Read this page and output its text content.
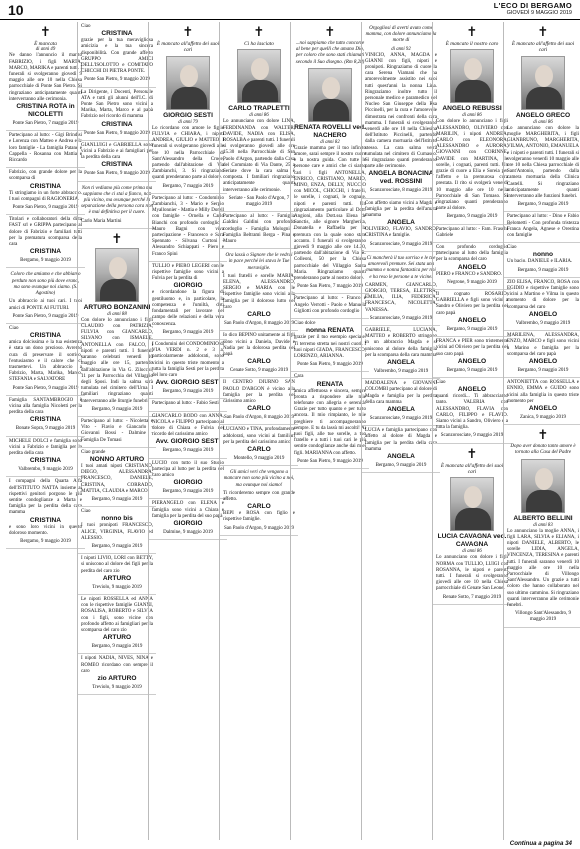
10	L'ECO DI BERGAMO
GIOVEDÌ 9 MAGGIO 2019
✝
È mancata
di anni 49
Ne danno l'annuncio il marito FABRIZIO, i figli MARTA, MARCO, MARIKA e parenti tutti. I funerali si svolgeranno giovedì 9 maggio alle ore 10 nella Chiesa parrocchiale di Ponte San Pietro. Si ringraziano anticipatamente quanti interverranno alle cerimonia.
CRISTINA ROTA in NICOLETTI
Ponte San Pietro, 7 maggio 2019
Partecipano al lutto: - Gigi Brindisi e Lorenza con Matteo e Andrea e le loro famiglie - La famiglia Patané e Cappella - Rosanna con Mattia e Riccardo
Fabrizio, con grande dolore per la scomparsa di
CRISTINA
Ti stringiamo in un forte abbraccio. I tuoi compagni di RAGIONERIA.
Ponte San Pietro, 9 maggio 2019
Titolari e collaboratori della ditta FAST srl e GRIPPA partecipano al dolore di Fabrizio e familiari tutti per la prematura scomparsa della cara
CRISTINA
Bergamo, 9 maggio 2019
Coloro che amiamo e che abbiamo perduto non sono più dove erano, ma sono ovunque noi siamo. (S. Agostino)
Un abbraccio ai tuoi cari. I tuoi amici di PONTE AI FUTURI.
Ponte San Pietro, 9 maggio 2019
Ciao
CRISTINA
amica dolcissima e la tua esistenza è stata un dono prezioso. Avremo cura di preservare il sorriso, l'entusiasmo e il calore che ci trasmettevi. Un abbraccio a Fabrizio, Marta, Marika, Marco. STEFANIA e SALVATORE
Ponte San Pietro, 9 maggio 2019
Famiglia SANTAMBROGIO è vicina alla famiglia Nicoletti per la perdita della cara
CRISTINA
Bonate Sopra, 9 maggio 2019
MICHELE DOLCI e famiglia sono vicini a Fabrizio e famiglia per la perdita della cara
CRISTINA
Valbrembo, 9 maggio 2019
I compagni della Quarta Alfa dell'ISTITUTO NATTA insieme ai rispettivi genitori porgono le più sentite condoglianze a Marta e famiglia per la perdita della cara mamma
CRISTINA
e sono loro vicini in questo doloroso momento.
Bergamo, 9 maggio 2019
Ciao
CRISTINA
grazie per la tua meravigliosa amicizia e la tua sincera disponibilità. Con grande affetto GRUPPO AMICI DELL'ISOLOTTO e COMITATO CHICCHI DI PIETRA PONTE.
Ponte San Pietro, 9 maggio 2019
La Dirigente, i Docenti, Personale ATA e tutti gli alunni dell'I.C. di Ponte San Pietro sono vicini a Marika, Marta, Marco e al papà Fabrizio nel ricordo di mamma
CRISTINA
Ponte San Pietro, 9 maggio 2019
GIANLUIGI e GABRIELLA sono vicini a Fabrizio e ai famigliari per la perdita della cara
CRISTINA
Ponte San Pietro, 9 maggio 2019
Non ti vediamo più come prima ma sappiamo che ci stai a fianco, non più vicino, ma ovunque perché la separazione della persona cara non è mai definitiva per il cuore.
Carlo Maria Martini
✝
ARTURO BONZANINI
di anni 88
Con dolore lo annunciano i figli CLAUDIO con PATRIZIA, FULVIA con GIANCARLO, SILVANO con ISMAELE, ANTONELLA con FALCO, i nipoti e parenti tutti. I funerali saranno celebrati venerdì 10 maggio alle ore 15, partendo dall'abitazione in Via G. Zilocchi, 11 per la Parrocchia del Villaggio degli Sposi. Indi la salma sarà tumulata nel cimitero dell'Urna. I familiari ringraziano quanti interverranno alle liturgie funebri.
Bergamo, 9 maggio 2019
Partecipano al lutto: - Nicoletta e Vito - Flavio e Giancarlo - Giovanni Bossi - Dalmine - Famiglia De Tomasi
Ciao grande
NONNO ARTURO
I tuoi amati nipoti CRISTIANO, DIEGO, ALESSANDRA, FRANCESCO, DANIELE, CRISTINA, CORRADO, MATTIA, CLAUDIA e MARCO.
Bergamo, 9 maggio 2019
Ciao
nonno bis
I tuoi pronipoti FRANCESCO, ALICE, VIRGINIA, FLAVIO ed ALESSIO.
Bergamo, 9 maggio 2019
I nipoti LIVIO, LORI con BETTY, si uniscono al dolore dei figli per la perdita del caro zio
ARTURO
Treviolo, 9 maggio 2019
Le nipoti ROSSELLA ed ANNA con le rispettive famiglie GIANNI, ROSALISA, ROBERTO e SILVIA con i figli, sono vicine con profondo affetto ai famigliari per la scomparsa del caro zio
ARTURO
Bergamo, 9 maggio 2019
I nipoti NADIA, NIVES, NINA e ROMEO ricordano con sempre il caro
zio ARTURO
Treviolo, 9 maggio 2019
✝
È mancato all'affetto dei suoi cari
GIORGIO SESTI
di anni 79
Lo ricordano con amore le figlie FULVIA e CHIARA, i nipoti ANDREA, GIULIO e MATTEO. I funerali si svolgeranno giovedì alle ore 10 nella Parrocchiale di Sant'Alessandro della Croce, partendo dall'abitazione di Via Zambianchi, 3. Si ringraziano quanti prenderanno parte al dolore.
Bergamo, 7 maggio 2019
Partecipano al lutto: - Condominio Zambianchi, 3 - Mario e Sergio Myallonnier - Mattia e Milly Dorell con famiglie - Ornella e Carlo Bianchi con profondo cordoglio - Mauro Bagni con viva partecipazione - Francesco e Sara Spennato - Silvana Curtoni - Alessandro Schiappati - Piero e Franco Spini
TULLIO e PIERO LEGERI con le rispettive famiglie sono vicini a Fulvia per la perdita di
GIORGIO
e ricordandone la figura di gentiluomo e, in particolare, la competenza e l'umiltà, doti fondamentali per lavorare nel campo delle relazioni e della vera conoscenza.
Bergamo, 9 maggio 2019
I Condomini del CONDOMINIO di VIA VERDI n. 2 e 3 a, particolarmente addolorati, sono vicini in questo triste momento a tutta la famiglia Sesti per la perdita del loro caro
Avv. GIORGIO SESTI
Bergamo, 9 maggio 2019
Partecipano al lutto: - Fabio Sesti
GIANCARLO BODO con ANNA, NICOLA e FILIPPO partecipano al dolore di Chiara e Fulvia nel ricordo del carissimo amico
Avv. GIORGIO SESTI
Bergamo, 9 maggio 2019
LUCIO con tutto il suo Studio partecipa al lutto per la perdita del caro amico
GIORGIO
Bergamo, 9 maggio 2019
PIERANGELO con ELENA e famiglia sono vicini a Chiara e famiglia per la perdita del suo papà
GIORGIO
Dalmine, 9 maggio 2019
✝
Ci ha lasciato
CARLO TRAPLETTI
di anni 86
Lo annunciano con dolore LINA, FERDINANDA con WALTER, DAVIDE, NADIA con ELISA, ROSALBA e parenti tutti. I funerali si svolgeranno giovedì alle ore 15.30 nella Parrocchiale di San Paolo d'Argon, partendo dalla Casa del Commiato di Via Dante, 25 a Seriate dove la cara salma è composta. I familiari ringraziano anticipatamente quanti interverranno alle cerimonie.
Seriate - San Paolo d'Argon, 7 maggio 2019
Partecipano al lutto: - Famiglia Galdini Galdini con profondo cordoglio - Famiglia Mologni - Famiglia Beltrami Berga - Pina e Mauro
Ora lassù o Signore che le vedrai in pace perché lei stava le Tue meraviglie.
I tuoi fratelli e sorelle MARIA, ELENA, ALESSANDRO, SERGIO e MARIA con le rispettive famiglie sono vicini alla famiglia per il doloroso lutto del caro
CARLO
San Paolo d'Argon, 8 maggio 2019
Io dico BEPINO unitamente ai figli sono vicini a Daniela, Davide e Nadia per la dolorosa perdita del papà
CARLO
Cenate Sotto, 9 maggio 2019
Il CENTRO DIURNO SAN PAOLO D'ARGON è vicino alla famiglia per la perdita del carissimo amico
CARLO
San Paolo d'Argon, 8 maggio 2019
LUCIANO e TINA, profondamente addolorati, sono vicini ai familiari per la perdita del carissimo amico
CARLO
Montello, 9 maggio 2019
Gli amici veri che vengono a mancare non sono più vicino a noi, ma ovunque noi siamo!
Ti ricorderemo sempre con grande affetto.
CARLO
BEPI e ROSA con figlio e rispettive famiglie.
San Paolo d'Argon, 9 maggio 2019
✝
...noi sappiamo che tutto concorre al bene per quelli che amano Dio, per coloro che sono stati chiamati secondo il Suo disegno. (Rm 8,28)
RENATA ROVELLI ved. NACHERO
di anni 82
Grazie mamma per il tuo infinito amore, sarai sempre il nostro cuore e la nostra guida. Con tutte le persone care e amici che ci siamo cari i figli ANTONELLA, ENRICO, CRISTIANO, MARIO, MINO, ENZA, DELLY, NUCCIO con MICOL, CHICCHI, i fratelli, le sorelle, i cognati, le cognate, nipoti e parenti tutti. Un ringraziamento particolare al Dott. Angioni, alla Dott.ssa Elena de Sanctis, alle signore Margherita, Donatella e Raffaella per la premura con la quale sono state accanto. I funerali si svolgeranno giovedì 9 maggio alle ore 14.30, partendo dall'abitazione di Via R. Colleoni, 50 per la Chiesa parrocchiale del Villaggio Santa Maria. Ringraziamo quanti prenderanno parte al nostro dolore.
Ponte San Pietro, 7 maggio 2019
Partecipano al lutto: - Franco e Angelo Verrotti - Paolo e Manuela Gigliotti con profondo cordoglio
Ciao dolce
nonna RENATA
grazie per il tuo esempio speciale. Ti terremo stretta nei nostri cuori. I tuoi nipoti GIADA, FRANCESCO, LORENZO, ARIANNA.
Ponte San Pietro, 9 maggio 2019
Cara
RENATA
amica affettuosa e sincera, sempre pronta a rispondere alle mie telefonate con allegria e serenità. Grazie per tutto quanto e per tutto ancora. Il mio rimpianto, le mie preghiere ti accompagneranno sempre. E tu da lassù mi ascolti! Ai tuoi figli, alle tue sorelle, a tuo fratello e a tutti i tuoi cari le più sentite condoglianze anche dai miei figli. MARIANNA con affetto.
Ponte San Pietro, 9 maggio 2019
Orgogliosi di averti avuto come mamma, con dolore annunciamo la morte di
di anni 92
VINICIO, ANNA, MAGDA e GIANNI con figli, nipoti e pronipoti. Ringraziamo di cuore la cara Serena Viamani che ha amorevolmente assistito nei suoi tutti quest'anni la nonna Lina. Ringraziamo inoltre tutto il personale medico e paramedico del Nucleo San Giuseppe della Rsa Piccinelli, per la cura e l'amorevole dimostrata nei confronti della cara mamma. I funerali si svolgeranno venerdì alle ore 10 nella Chiesina dell'Istituto Piccinelli, partendo dalla camera mortuaria dell'Istituto stesso. La cara salma verrà tumulata nel cimitero di Curnasco. Si ringraziano quanti prenderanno parte alle cerimonie.
ANGELA BONACINA ved. ROSSINI
Scanzorosciate, 8 maggio 2019
Con affetto siamo vicini a Magda e famiglia per la perdita dell'amata mamma
ANGELA
OLIVIERO, FLAVIO, SANDRO, CRISTINA e famiglie.
Scanzorosciate, 9 maggio 2019
Ci mancherà il tuo sorriso e le tue amorevoli premure. Sei stata una mamma e nonna fantastica per noi e ha reso le persone a te vicine.
CARMEN, GIANCARLO, GIORGIO, TERESA, ELETTRA, EMILIA, ILIA, FEDERICA, FRANCESCA, NICOLETTA, VANESSA.
Scanzorosciate, 9 maggio 2019
GABRIELE, LUCIANA, MATTEO e ROBERTO stringono in un abbraccio Magda e si uniscono al dolore della famiglia per la scomparsa della cara mamma
ANGELA
Valbrembo, 9 maggio 2019
MADDALENA e GIOVANNI COLOMBI partecipano al dolore di Magda e famiglia per la perdita della cara mamma
ANGELA
Scanzorosciate, 9 maggio 2019
LUCIA e famiglia partecipano con affetto al dolore di Magda e famiglia per la perdita della cara mamma
ANGELA
Bergamo, 9 maggio 2019
✝
È mancato il nostro caro
ANGELO REBUSSI
di anni 86
Con dolore lo annunciano i figli ALESSANDRO, OLIVIERO con MARILIN, i nipoti ANDREA, CARLO con ELEONORA, ALESSANDRO e AURORA, GIOVANNI con CORINNE, DAVIDE con MARTINA, le sorelle, i cognati, parenti tutti. Un grazie di cuore a Elia e Soreia per l'affetto e la premurosa cura prestata. Il rito si svolgerà venerdì 10 maggio alle ore 10 nella Parrocchiale di San Tomaso. Si ringraziano quanti prenderanno parte al dolore.
Bergamo, 9 maggio 2019
Partecipano al lutto: - Fam. Fraschi Gabriele
Con profondo cordoglio partecipano al lutto della famiglia per la scomparsa del caro
ANGELO
PIERO e FRANCO e SANDRO.
Negrone, 9 maggio 2019
Il cognato ROSARIO, GABRIELLA e figli sono vicini a Sandro e Oliviero per la perdita del caro papà
ANGELO
Bergamo, 9 maggio 2019
FRANCA e PIER sono tristemente vicini ad Oliviero per la perdita del suo caro papà
ANGELO
Bergamo, 9 maggio 2019
Ciao
ANGELO
quanti ricordi... Ti abbracciamo tanto. VALERIA con ALESSANDRO, FLAVIA con CARLO, FILIPPO e FLAVIO. Siamo vicini a Sandro, Oliviero e a tutta la famiglia.
Scanzorosciate, 9 maggio 2019
✝
È mancata all'affetto dei suoi cari
LUCIA CAVAGNA ved. CAVAGNA
di anni 86
Lo annunciano con dolore i figli NORMA con TULLIO, LUIGI con ROSANNA, le nipoti e parenti tutti. I funerali si svolgeranno giovedì alle ore 10 nella Chiesa parrocchiale di Cenate San Leone.
Renate Sotto, 7 maggio 2019
✝
È mancato all'affetto dei suoi cari
ANGELO GRECO
di anni 86
Lo annunciano con dolore la moglie MARGHERITA, i figli GIANBRUNO, MARGHERITA, VILMA, ANTONIO, EMANUELA e i nipoti e parenti tutti. I funerali si svolgeranno venerdì 10 maggio alle ore 10 nella Chiesa parrocchiale di Sant'Antonio, partendo dalla camera mortuaria della Clinica Castelli. Si ringraziano anticipatamente quanti interverranno alle funzioni funebri.
Bergamo, 9 maggio 2019
Partecipano al lutto: - Dino e Fabio Belometti - Con profonda tristezza Franca Angela, Agnese e Orestina con famiglie
Ciao
nonno
Un bacio. DANIELE e ILARIA.
Bergamo, 9 maggio 2019
ZIO ELISA, FRANCO, ROSA con EGIDIO e rispettive famiglie sono vicini a Martino e Vilma in questo momento di dolore per la scomparsa del caro
ANGELO
Valbrembo, 9 maggio 2019
MARILENA, ALESSANDRA, ENZO, MARCO e figli sono vicini a Marino e famiglia per la scomparsa del caro papà
ANGELO
Bergamo, 9 maggio 2019
ANTONIETTA con ROSSELLA e ENNIO, EMMA e GUIDO sono vicini alla famiglia in questo triste momento per
ANGELO
Zanica, 9 maggio 2019
✝
Dopo aver donato tanto amore è tornato alla Casa del Padre
ALBERTO BELLINI
di anni 83
Lo annunciano la moglie ANNA, i figli LARA, SILVIA e ELIANA, i nipoti DANIELE, ALBERTO, le sorelle LIDIA, ANGELA, VINCENZA, TERESINA e parenti tutti. I funerali saranno venerdì 10 maggio alle ore 10 nella Parrocchiale di Villongo Sant'Alessandro. Un grazie a tutti coloro che hanno collaborato nel suo ultimo cammino. Si ringraziano quanti interverranno alle cerimonie funebri.
Villongo Sant'Alessandro, 9 maggio 2019
Continua a pagina 34
